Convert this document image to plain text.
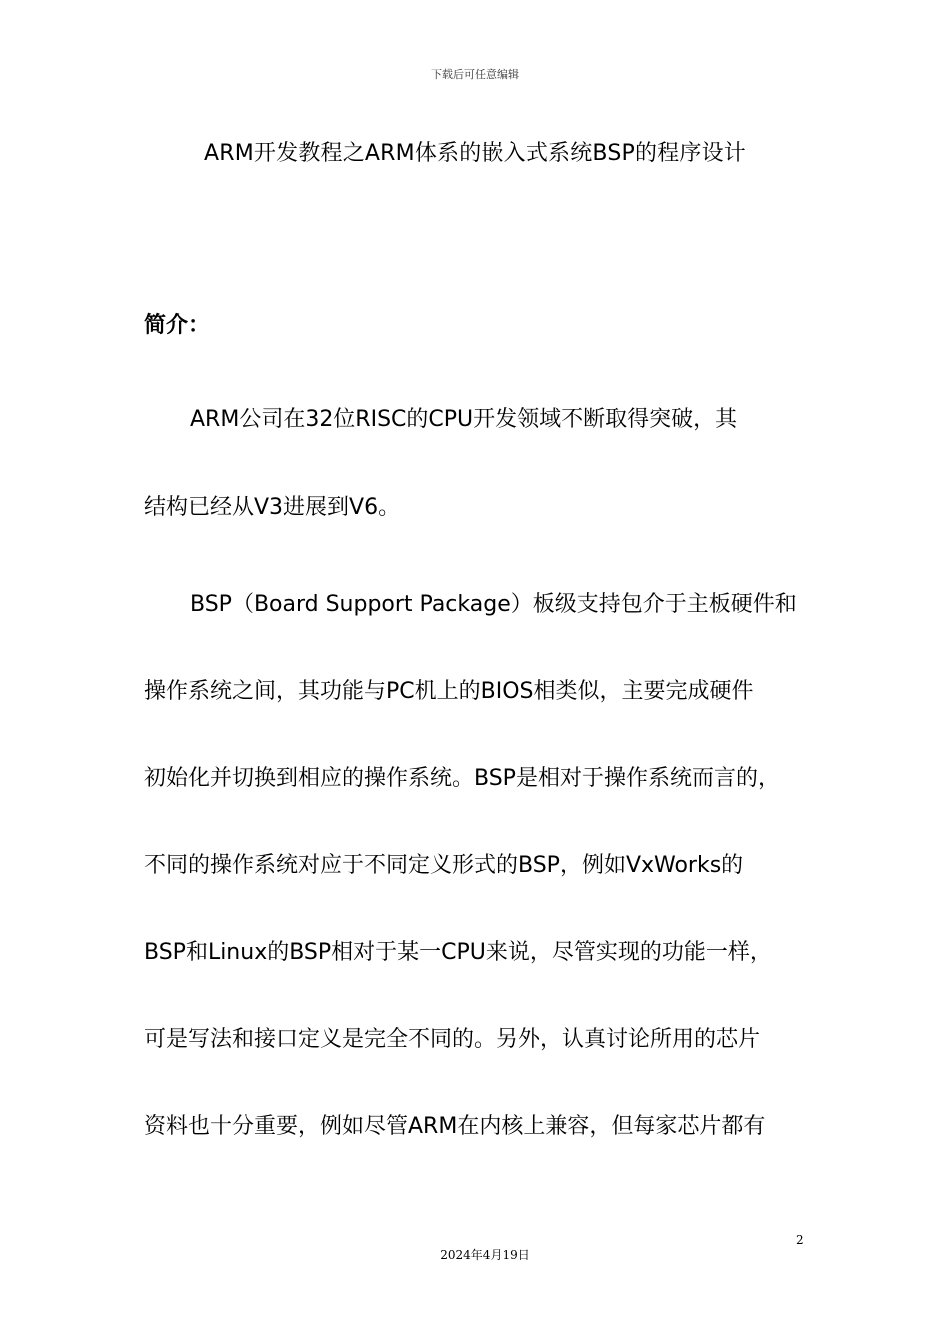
下载后可任意编辑
ARM开发教程之ARM体系的嵌入式系统BSP的程序设计
简介：
ARM公司在32位RISC的CPU开发领域不断取得突破，其
结构已经从V3进展到V6。
BSP（Board Support Package）板级支持包介于主板硬件和
操作系统之间，其功能与PC机上的BIOS相类似，主要完成硬件
初始化并切换到相应的操作系统。BSP是相对于操作系统而言的，
不同的操作系统对应于不同定义形式的BSP，例如VxWorks的
BSP和Linux的BSP相对于某一CPU来说，尽管实现的功能一样，
可是写法和接口定义是完全不同的。另外，认真讨论所用的芯片
资料也十分重要，例如尽管ARM在内核上兼容，但每家芯片都有
2
2024年4月19日
